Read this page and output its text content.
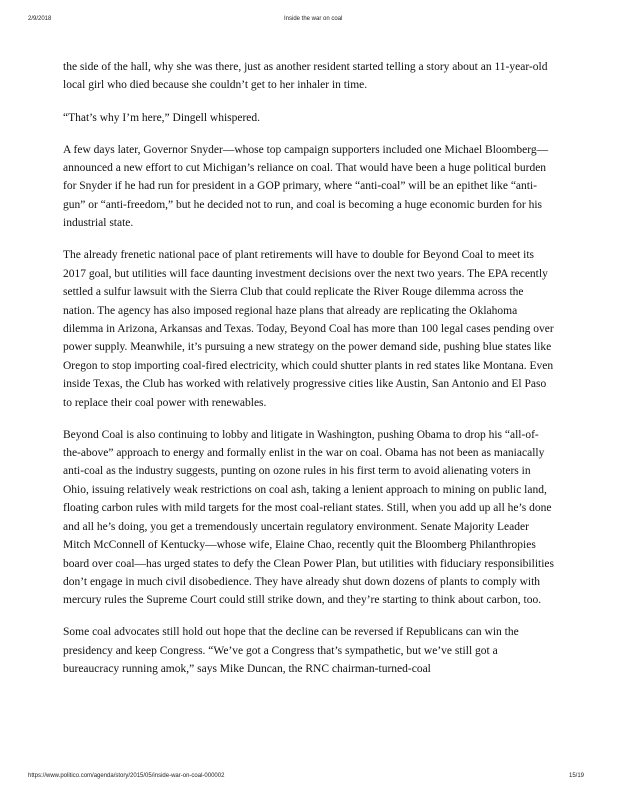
2/9/2018	Inside the war on coal

the side of the hall, why she was there, just as another resident started telling a story about an 11-year-old local girl who died because she couldn’t get to her inhaler in time.

“That’s why I’m here,” Dingell whispered.

A few days later, Governor Snyder—whose top campaign supporters included one Michael Bloomberg—announced a new effort to cut Michigan’s reliance on coal. That would have been a huge political burden for Snyder if he had run for president in a GOP primary, where “anti-coal” will be an epithet like “anti-gun” or “anti-freedom,” but he decided not to run, and coal is becoming a huge economic burden for his industrial state.

The already frenetic national pace of plant retirements will have to double for Beyond Coal to meet its 2017 goal, but utilities will face daunting investment decisions over the next two years. The EPA recently settled a sulfur lawsuit with the Sierra Club that could replicate the River Rouge dilemma across the nation. The agency has also imposed regional haze plans that already are replicating the Oklahoma dilemma in Arizona, Arkansas and Texas. Today, Beyond Coal has more than 100 legal cases pending over power supply. Meanwhile, it’s pursuing a new strategy on the power demand side, pushing blue states like Oregon to stop importing coal-fired electricity, which could shutter plants in red states like Montana. Even inside Texas, the Club has worked with relatively progressive cities like Austin, San Antonio and El Paso to replace their coal power with renewables.

Beyond Coal is also continuing to lobby and litigate in Washington, pushing Obama to drop his “all-of-the-above” approach to energy and formally enlist in the war on coal. Obama has not been as maniacally anti-coal as the industry suggests, punting on ozone rules in his first term to avoid alienating voters in Ohio, issuing relatively weak restrictions on coal ash, taking a lenient approach to mining on public land, floating carbon rules with mild targets for the most coal-reliant states. Still, when you add up all he’s done and all he’s doing, you get a tremendously uncertain regulatory environment. Senate Majority Leader Mitch McConnell of Kentucky—whose wife, Elaine Chao, recently quit the Bloomberg Philanthropies board over coal—has urged states to defy the Clean Power Plan, but utilities with fiduciary responsibilities don’t engage in much civil disobedience. They have already shut down dozens of plants to comply with mercury rules the Supreme Court could still strike down, and they’re starting to think about carbon, too.

Some coal advocates still hold out hope that the decline can be reversed if Republicans can win the presidency and keep Congress. “We’ve got a Congress that’s sympathetic, but we’ve still got a bureaucracy running amok,” says Mike Duncan, the RNC chairman-turned-coal

https://www.politico.com/agenda/story/2015/05/inside-war-on-coal-000002	15/19
